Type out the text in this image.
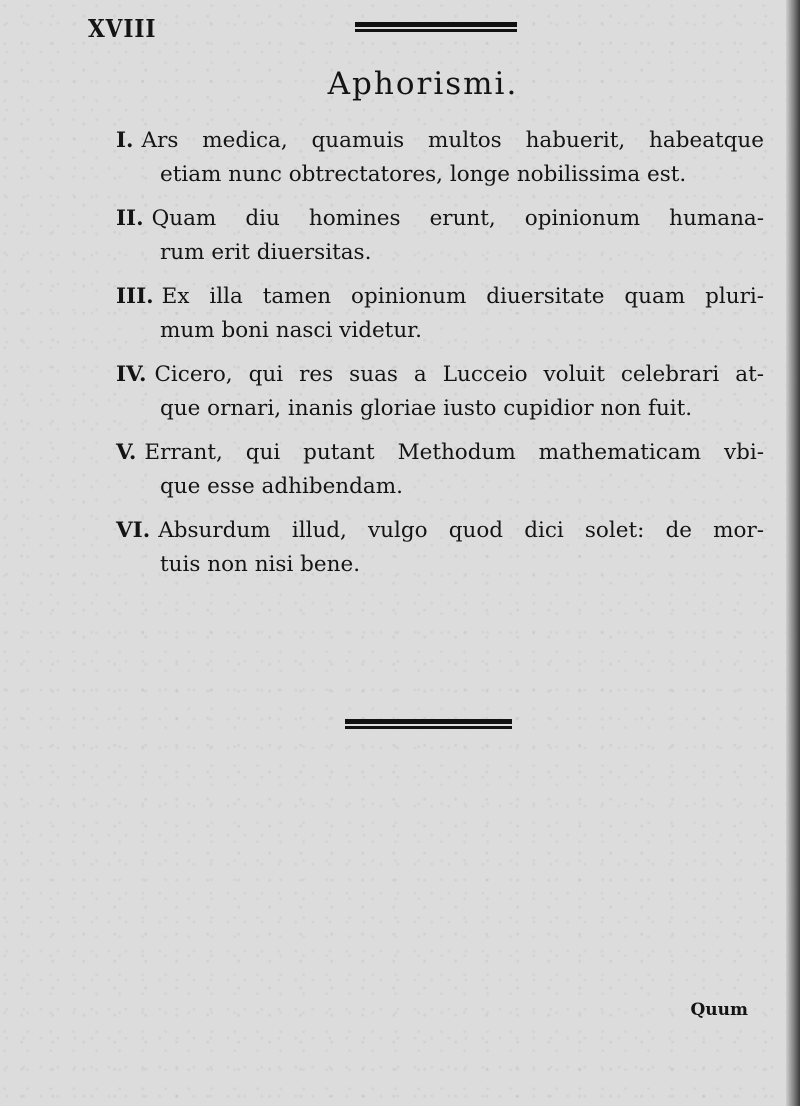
XVIII
Aphorismi.
I. Ars medica, quamuis multos habuerit, habeatque
etiam nunc obtrectatores, longe nobilissima est.
II. Quam diu homines erunt, opinionum humana-
rum erit diuersitas.
III. Ex illa tamen opinionum diuersitate quam pluri-
mum boni nasci videtur.
IV. Cicero, qui res suas a Lucceio voluit celebrari at-
que ornari, inanis gloriae iusto cupidior non fuit.
V. Errant, qui putant Methodum mathematicam vbi-
que esse adhibendam.
VI. Absurdum illud, vulgo quod dici solet: de mor-
tuis non nisi bene.
Quum
